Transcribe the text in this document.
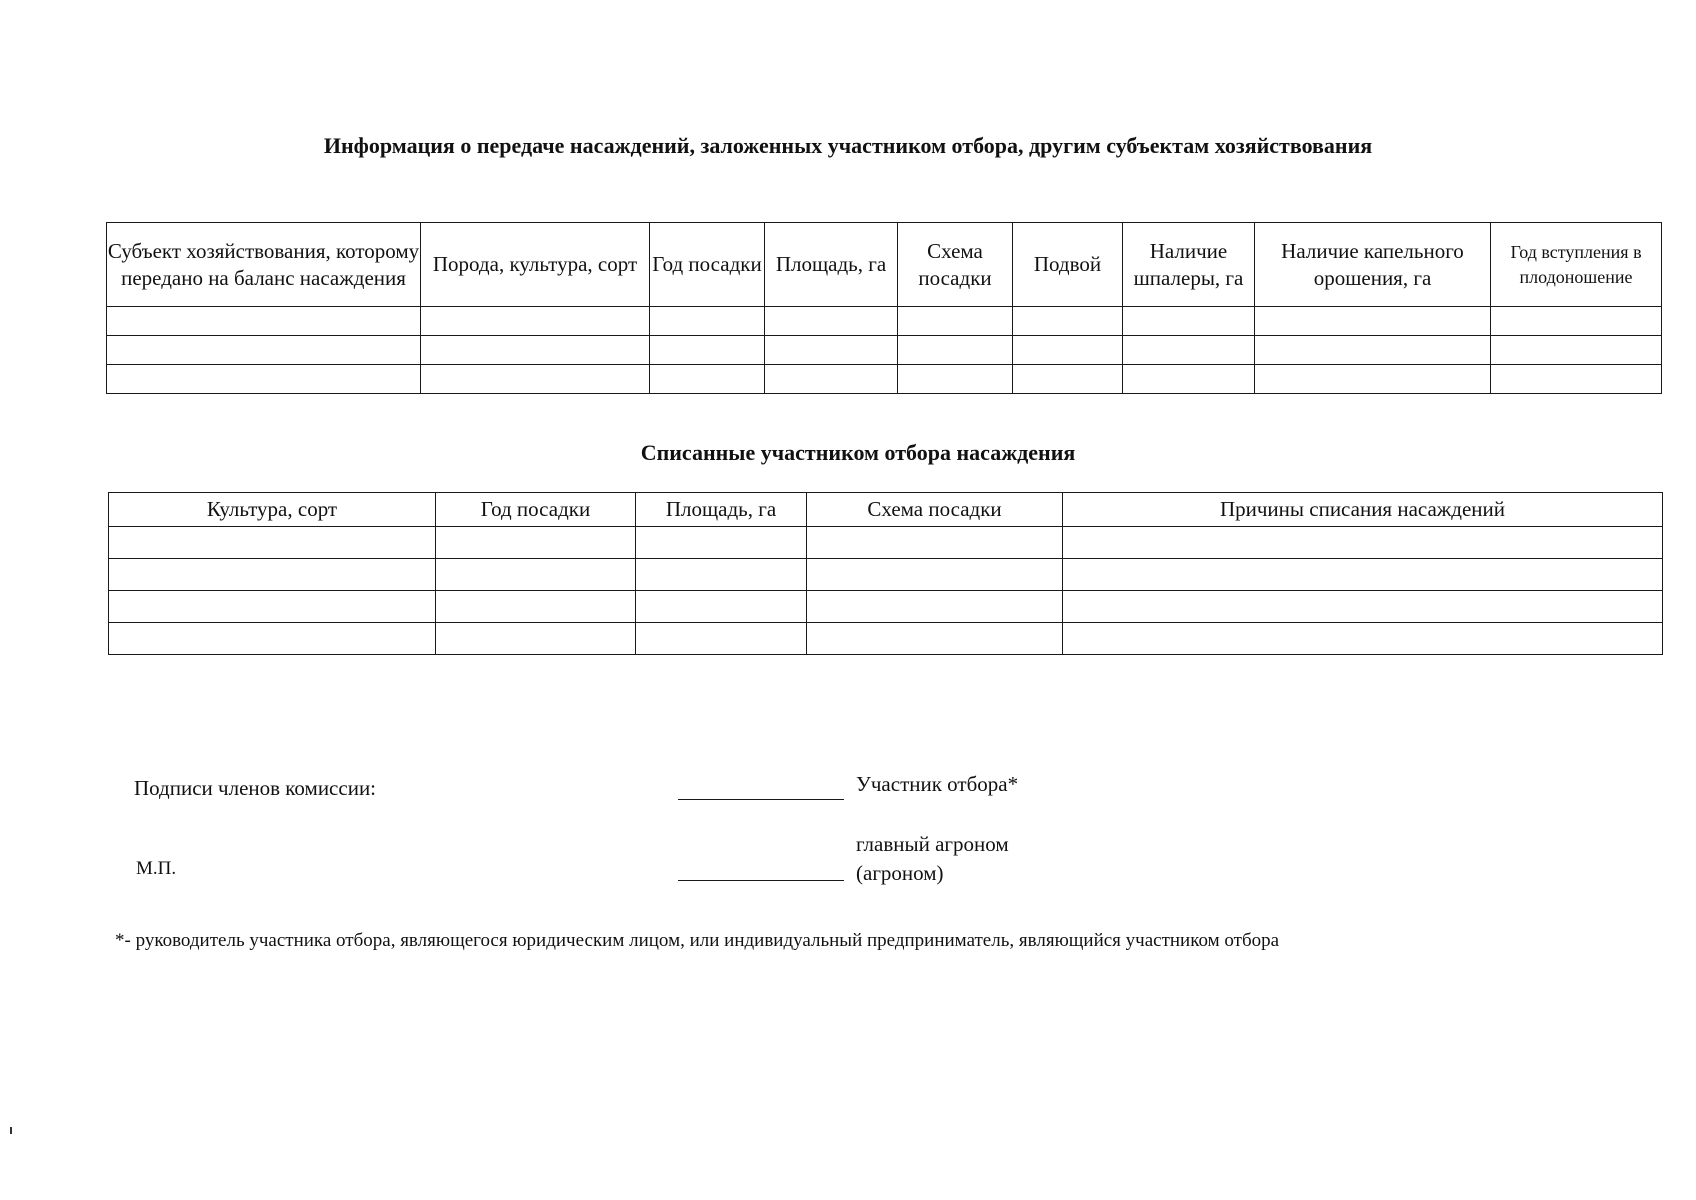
Информация о передаче насаждений, заложенных участником отбора, другим субъектам хозяйствования
Субъект хозяйствования, которому передано на баланс насаждения	Порода, культура, сорт	Год посадки	Площадь, га	Схема посадки	Подвой	Наличие шпалеры, га	Наличие капельного орошения, га	Год вступления в плодоношение

Списанные участником отбора насаждения
Культура, сорт	Год посадки	Площадь, га	Схема посадки	Причины списания насаждений

Подписи членов комиссии:
М.П.
Участник отбора*
главный агроном
(агроном)
*- руководитель участника отбора, являющегося юридическим лицом, или индивидуальный предприниматель, являющийся участником отбора
